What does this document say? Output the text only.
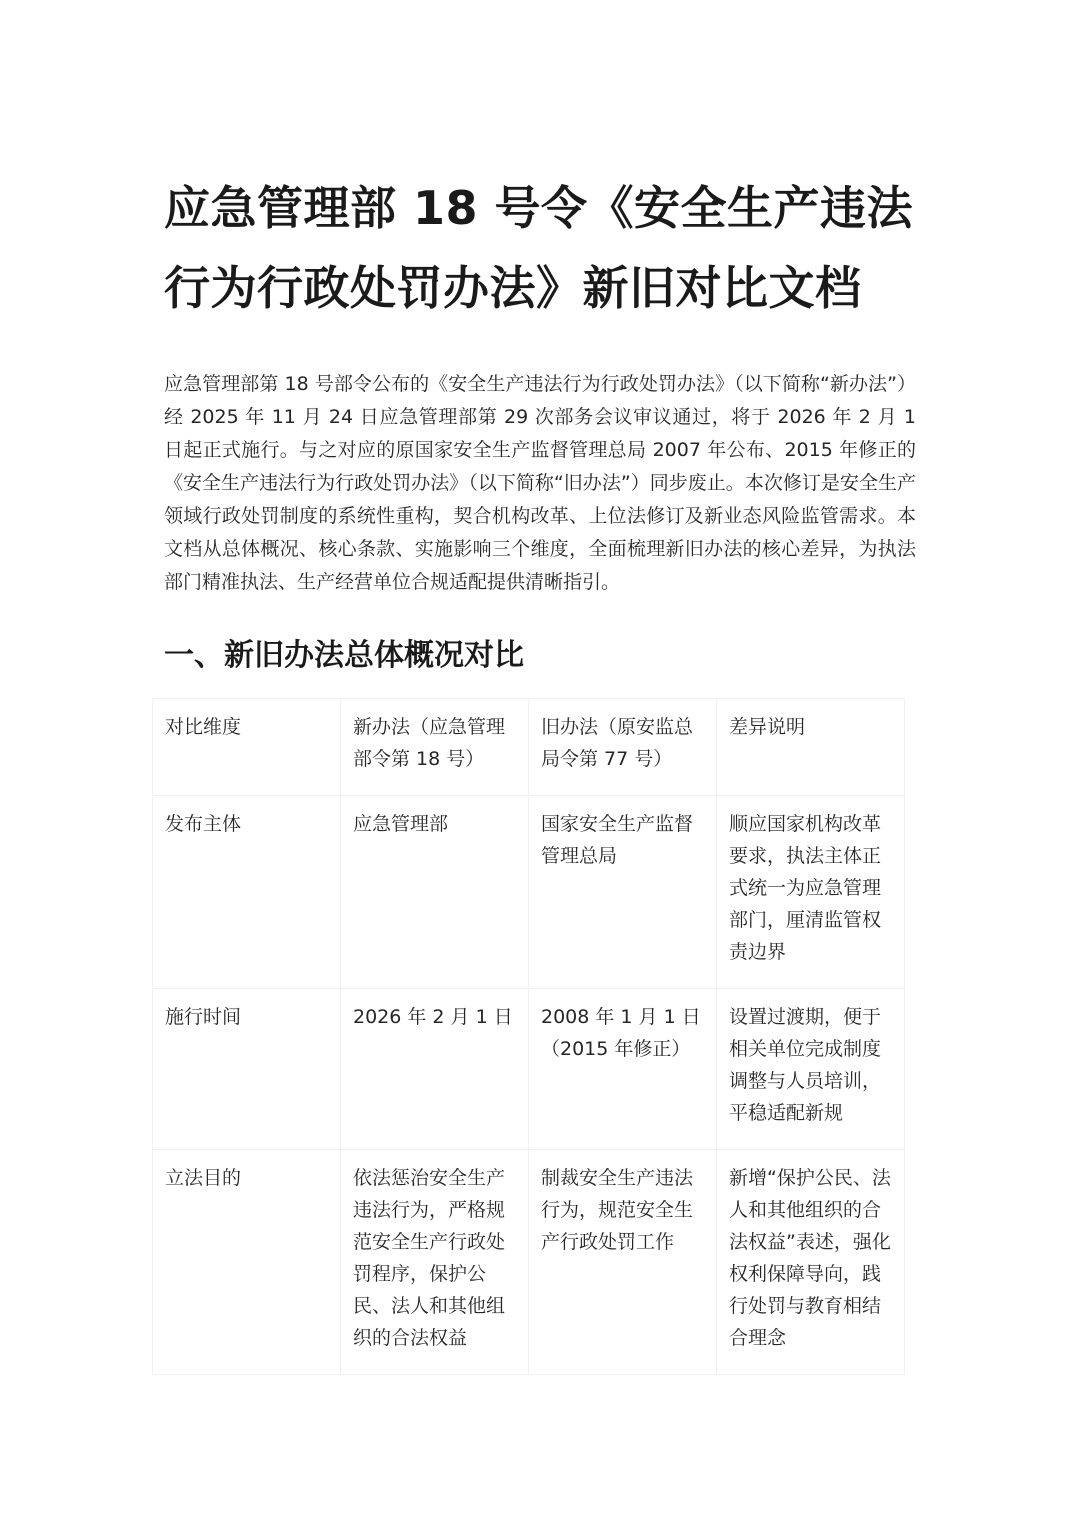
应急管理部 18 号令《安全生产违法行为行政处罚办法》新旧对比文档

应急管理部第 18 号部令公布的《安全生产违法行为行政处罚办法》（以下简称“新办法”）经 2025 年 11 月 24 日应急管理部第 29 次部务会议审议通过，将于 2026 年 2 月 1 日起正式施行。与之对应的原国家安全生产监督管理总局 2007 年公布、2015 年修正的《安全生产违法行为行政处罚办法》（以下简称“旧办法”）同步废止。本次修订是安全生产领域行政处罚制度的系统性重构，契合机构改革、上位法修订及新业态风险监管需求。本文档从总体概况、核心条款、实施影响三个维度，全面梳理新旧办法的核心差异，为执法部门精准执法、生产经营单位合规适配提供清晰指引。

一、新旧办法总体概况对比
对比维度	新办法（应急管理部令第 18 号）	旧办法（原安监总局令第 77 号）	差异说明
发布主体	应急管理部	国家安全生产监督管理总局	顺应国家机构改革要求，执法主体正式统一为应急管理部门，厘清监管权责边界
施行时间	2026 年 2 月 1 日	2008 年 1 月 1 日（2015 年修正）	设置过渡期，便于相关单位完成制度调整与人员培训，平稳适配新规
立法目的	依法惩治安全生产违法行为，严格规范安全生产行政处罚程序，保护公民、法人和其他组织的合法权益	制裁安全生产违法行为，规范安全生产行政处罚工作	新增“保护公民、法人和其他组织的合法权益”表述，强化权利保障导向，践行处罚与教育相结合理念
